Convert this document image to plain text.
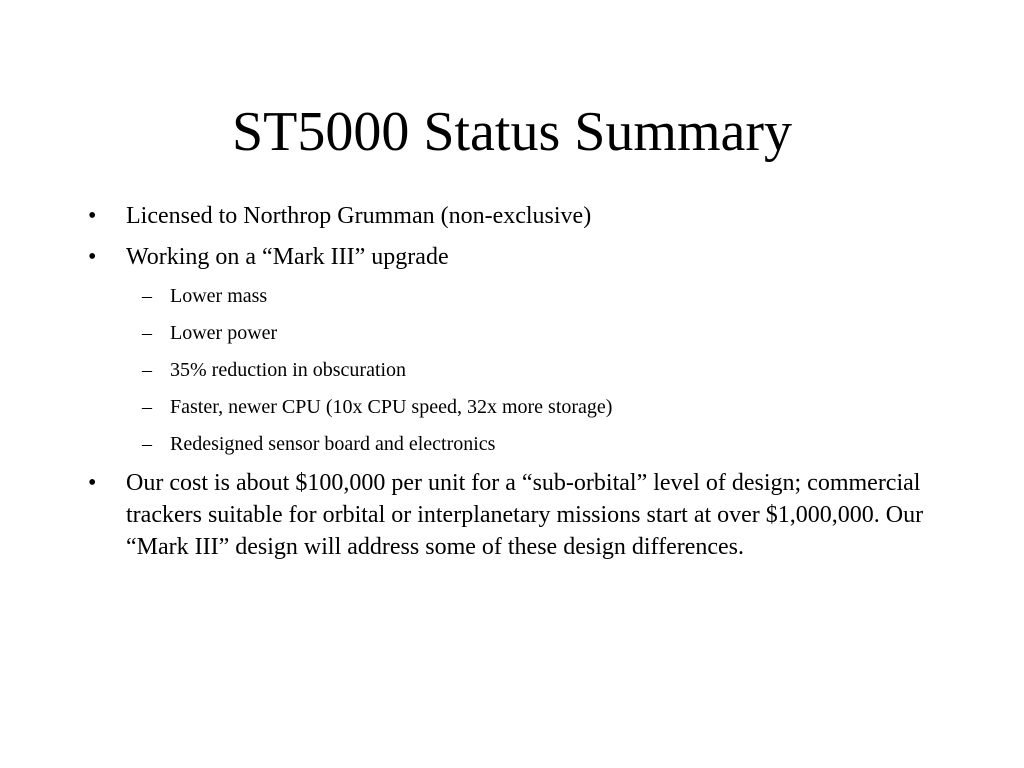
ST5000 Status Summary
• Licensed to Northrop Grumman (non-exclusive)
• Working on a “Mark III” upgrade
– Lower mass
– Lower power
– 35% reduction in obscuration
– Faster, newer CPU (10x CPU speed, 32x more storage)
– Redesigned sensor board and electronics
• Our cost is about $100,000 per unit for a “sub-orbital” level of design; commercial trackers suitable for orbital or interplanetary missions start at over $1,000,000. Our “Mark III” design will address some of these design differences.
